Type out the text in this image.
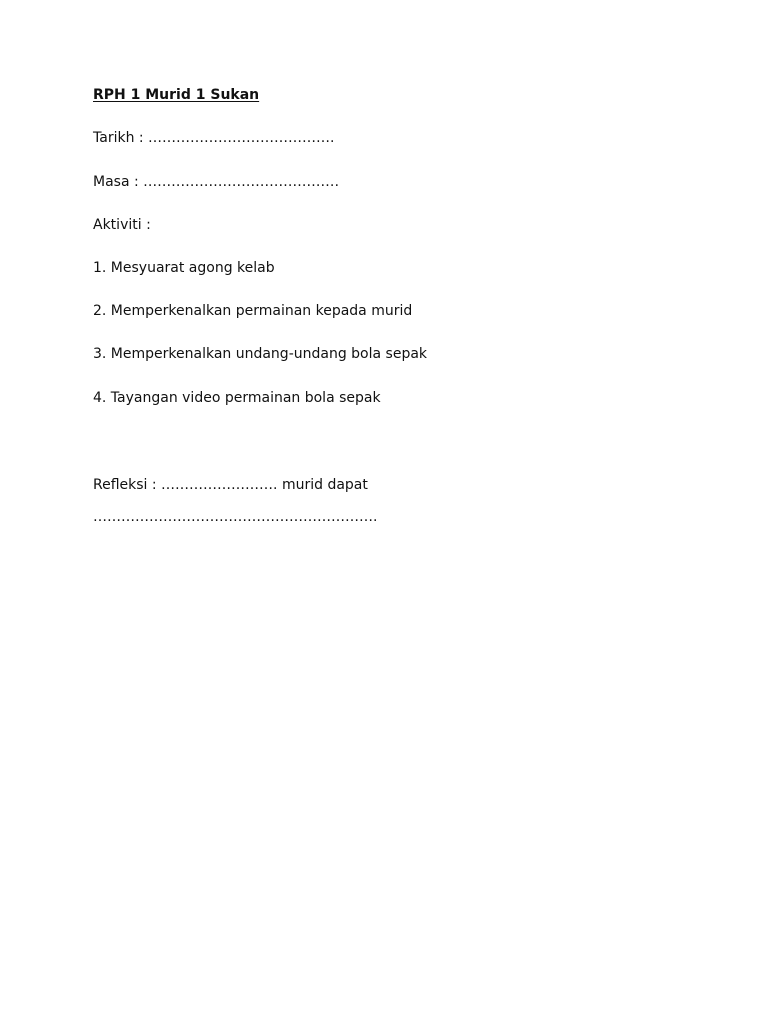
RPH 1 Murid 1 Sukan
Tarikh : ………………………………….
Masa : ……………………………………
Aktiviti :
1. Mesyuarat agong kelab
2. Memperkenalkan permainan kepada murid
3. Memperkenalkan undang-undang bola sepak
4. Tayangan video permainan bola sepak
Refleksi : ……………………. murid dapat
…………………………………………………….
